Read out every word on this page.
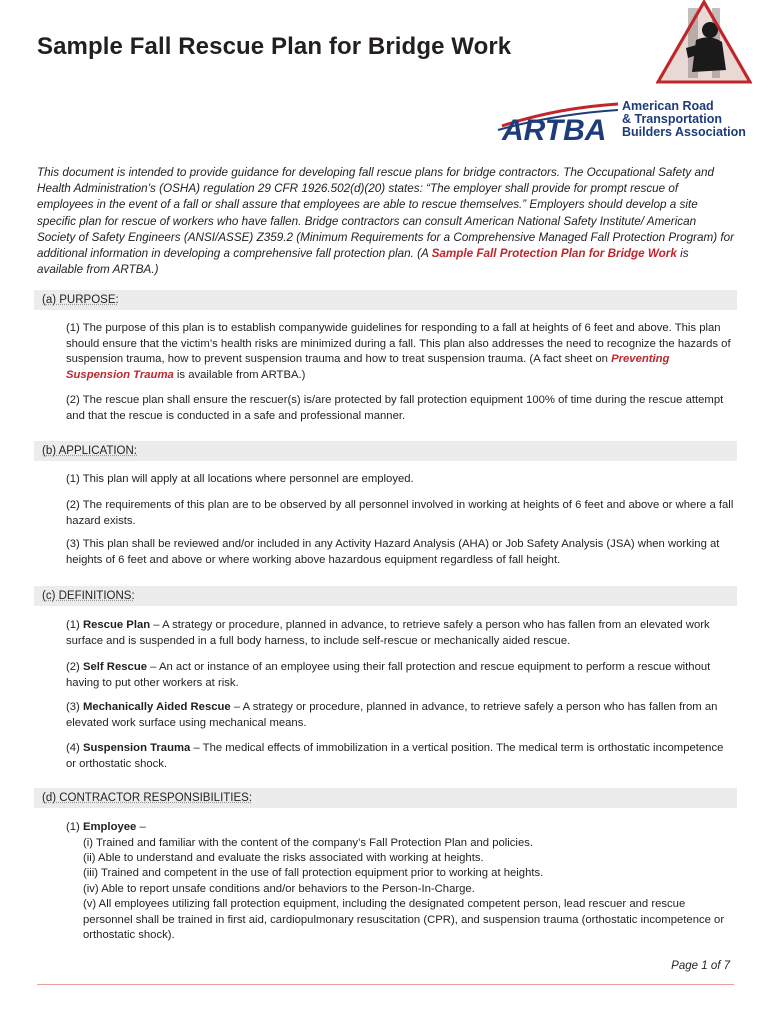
Sample Fall Rescue Plan for Bridge Work
ARTBA
American Road
& Transportation
Builders Association

This document is intended to provide guidance for developing fall rescue plans for bridge contractors. The Occupational Safety and Health Administration’s (OSHA) regulation 29 CFR 1926.502(d)(20) states: “The employer shall provide for prompt rescue of employees in the event of a fall or shall assure that employees are able to rescue themselves.” Employers should develop a site specific plan for rescue of workers who have fallen. Bridge contractors can consult American National Safety Institute/ American Society of Safety Engineers (ANSI/ASSE) Z359.2 (Minimum Requirements for a Comprehensive Managed Fall Protection Program) for additional information in developing a comprehensive fall protection plan. (A Sample Fall Protection Plan for Bridge Work is available from ARTBA.)

(a) PURPOSE:

(1) The purpose of this plan is to establish companywide guidelines for responding to a fall at heights of 6 feet and above. This plan should ensure that the victim’s health risks are minimized during a fall. This plan also addresses the need to recognize the hazards of suspension trauma, how to prevent suspension trauma and how to treat suspension trauma. (A fact sheet on Preventing Suspension Trauma is available from ARTBA.)

(2) The rescue plan shall ensure the rescuer(s) is/are protected by fall protection equipment 100% of time during the rescue attempt and that the rescue is conducted in a safe and professional manner.

(b) APPLICATION:

(1) This plan will apply at all locations where personnel are employed.

(2) The requirements of this plan are to be observed by all personnel involved in working at heights of 6 feet and above or where a fall hazard exists.

(3) This plan shall be reviewed and/or included in any Activity Hazard Analysis (AHA) or Job Safety Analysis (JSA) when working at heights of 6 feet and above or where working above hazardous equipment regardless of fall height.

(c) DEFINITIONS:

(1) Rescue Plan – A strategy or procedure, planned in advance, to retrieve safely a person who has fallen from an elevated work surface and is suspended in a full body harness, to include self-rescue or mechanically aided rescue.

(2) Self Rescue – An act or instance of an employee using their fall protection and rescue equipment to perform a rescue without having to put other workers at risk.

(3) Mechanically Aided Rescue – A strategy or procedure, planned in advance, to retrieve safely a person who has fallen from an elevated work surface using mechanical means.

(4) Suspension Trauma – The medical effects of immobilization in a vertical position. The medical term is orthostatic incompetence or orthostatic shock.

(d) CONTRACTOR RESPONSIBILITIES:

(1) Employee –

(i) Trained and familiar with the content of the company’s Fall Protection Plan and policies.

(ii) Able to understand and evaluate the risks associated with working at heights.

(iii) Trained and competent in the use of fall protection equipment prior to working at heights.

(iv) Able to report unsafe conditions and/or behaviors to the Person-In-Charge.

(v) All employees utilizing fall protection equipment, including the designated competent person, lead rescuer and rescue personnel shall be trained in first aid, cardiopulmonary resuscitation (CPR), and suspension trauma (orthostatic incompetence or orthostatic shock).

Page 1 of 7
